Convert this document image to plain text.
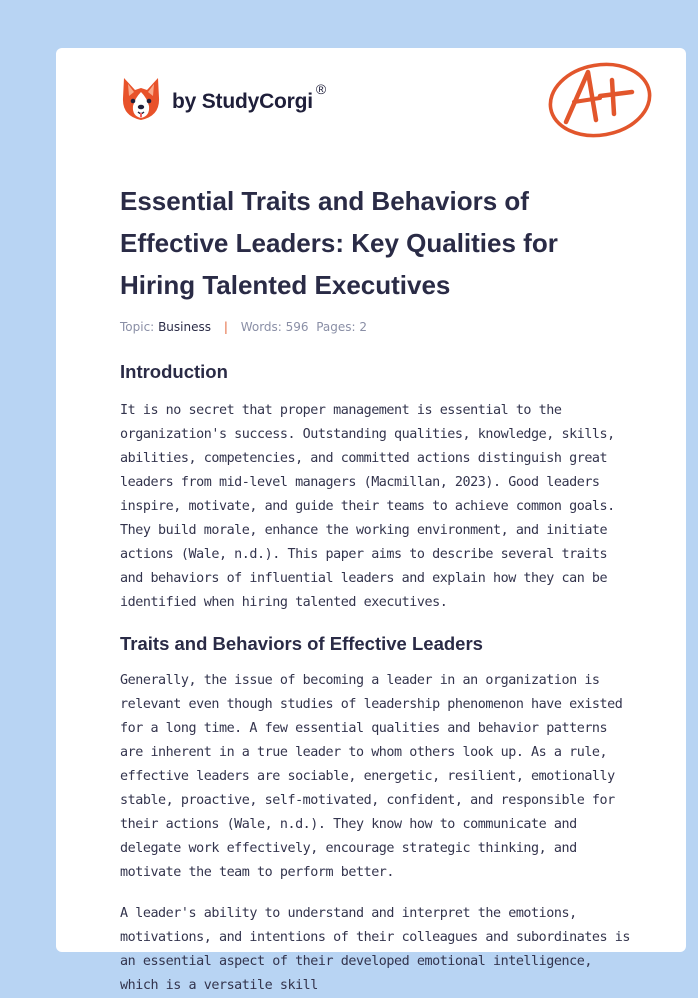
by StudyCorgi®
Essential Traits and Behaviors of Effective Leaders: Key Qualities for Hiring Talented Executives
Topic: Business | Words: 596 Pages: 2
Introduction

It is no secret that proper management is essential to the organization's success. Outstanding qualities, knowledge, skills, abilities, competencies, and committed actions distinguish great leaders from mid-level managers (Macmillan, 2023). Good leaders inspire, motivate, and guide their teams to achieve common goals. They build morale, enhance the working environment, and initiate actions (Wale, n.d.). This paper aims to describe several traits and behaviors of influential leaders and explain how they can be identified when hiring talented executives.

Traits and Behaviors of Effective Leaders

Generally, the issue of becoming a leader in an organization is relevant even though studies of leadership phenomenon have existed for a long time. A few essential qualities and behavior patterns are inherent in a true leader to whom others look up. As a rule, effective leaders are sociable, energetic, resilient, emotionally stable, proactive, self-motivated, confident, and responsible for their actions (Wale, n.d.). They know how to communicate and delegate work effectively, encourage strategic thinking, and motivate the team to perform better.

A leader's ability to understand and interpret the emotions, motivations, and intentions of their colleagues and subordinates is an essential aspect of their developed emotional intelligence, which is a versatile skill
